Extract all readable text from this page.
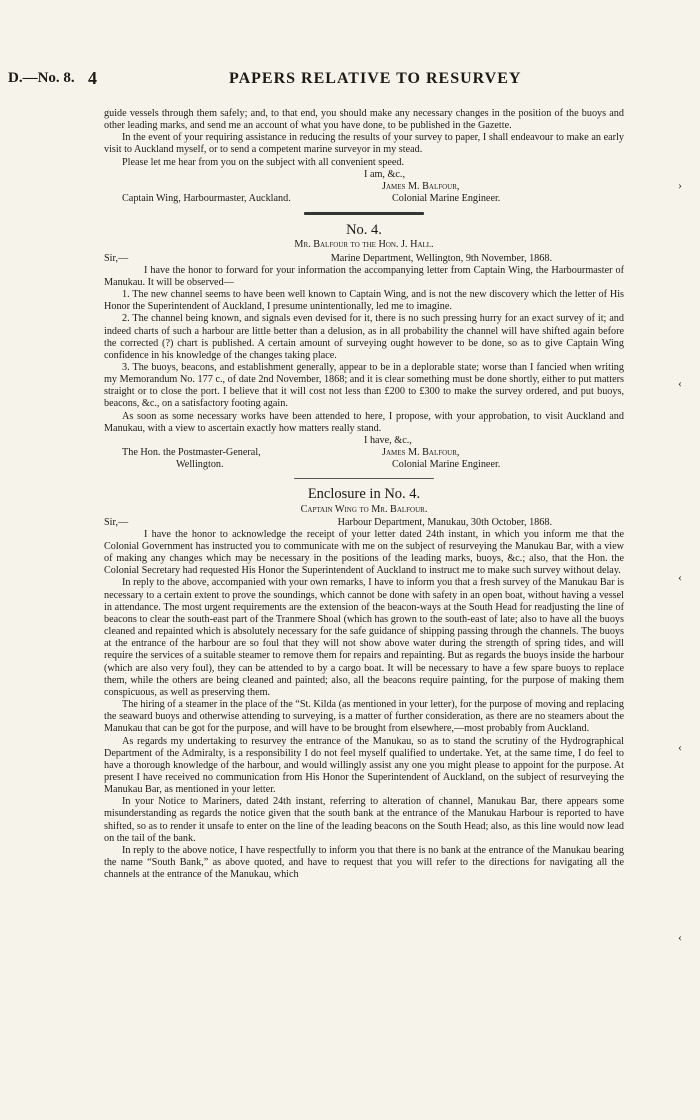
D.—No. 8. 4	PAPERS RELATIVE TO RESURVEY
›
‹
‹
‹
‹

guide vessels through them safely; and, to that end, you should make any necessary changes in the position of the buoys and other leading marks, and send me an account of what you have done, to be published in the Gazette.

In the event of your requiring assistance in reducing the results of your survey to paper, I shall endeavour to make an early visit to Auckland myself, or to send a competent marine surveyor in my stead.

Please let me hear from you on the subject with all convenient speed.

	I am, &c.,
	James M. Balfour,
Captain Wing, Harbourmaster, Auckland.	Colonial Marine Engineer.
No. 4.
Mr. Balfour to the Hon. J. Hall.
Sir,—	Marine Department, Wellington, 9th November, 1868.

I have the honor to forward for your information the accompanying letter from Captain Wing, the Harbourmaster of Manukau. It will be observed—

1. The new channel seems to have been well known to Captain Wing, and is not the new discovery which the letter of His Honor the Superintendent of Auckland, I presume unintentionally, led me to imagine.

2. The channel being known, and signals even devised for it, there is no such pressing hurry for an exact survey of it; and indeed charts of such a harbour are little better than a delusion, as in all probability the channel will have shifted again before the corrected (?) chart is published. A certain amount of surveying ought however to be done, so as to give Captain Wing confidence in his knowledge of the changes taking place.

3. The buoys, beacons, and establishment generally, appear to be in a deplorable state; worse than I fancied when writing my Memorandum No. 177 c., of date 2nd November, 1868; and it is clear something must be done shortly, either to put matters straight or to close the port. I believe that it will cost not less than £200 to £300 to make the survey ordered, and put buoys, beacons, &c., on a satisfactory footing again.

As soon as some necessary works have been attended to here, I propose, with your approbation, to visit Auckland and Manukau, with a view to ascertain exactly how matters really stand.

	I have, &c.,
The Hon. the Postmaster-General,	James M. Balfour,
Wellington.	Colonial Marine Engineer.
Enclosure in No. 4.
Captain Wing to Mr. Balfour.
Sir,—	Harbour Department, Manukau, 30th October, 1868.

I have the honor to acknowledge the receipt of your letter dated 24th instant, in which you inform me that the Colonial Government has instructed you to communicate with me on the subject of resurveying the Manukau Bar, with a view of making any changes which may be necessary in the positions of the leading marks, buoys, &c.; also, that the Hon. the Colonial Secretary had requested His Honor the Superintendent of Auckland to instruct me to make such survey without delay.

In reply to the above, accompanied with your own remarks, I have to inform you that a fresh survey of the Manukau Bar is necessary to a certain extent to prove the soundings, which cannot be done with safety in an open boat, without having a vessel in attendance. The most urgent requirements are the extension of the beacon-ways at the South Head for readjusting the line of beacons to clear the south-east part of the Tranmere Shoal (which has grown to the south-east of late; also to have all the buoys cleaned and repainted which is absolutely necessary for the safe guidance of shipping passing through the channels. The buoys at the entrance of the harbour are so foul that they will not show above water during the strength of spring tides, and will require the services of a suitable steamer to remove them for repairs and repainting. But as regards the buoys inside the harbour (which are also very foul), they can be attended to by a cargo boat. It will be necessary to have a few spare buoys to replace them, while the others are being cleaned and painted; also, all the beacons require painting, for the purpose of making them conspicuous, as well as preserving them.

The hiring of a steamer in the place of the “St. Kilda (as mentioned in your letter), for the purpose of moving and replacing the seaward buoys and otherwise attending to surveying, is a matter of further consideration, as there are no steamers about the Manukau that can be got for the purpose, and will have to be brought from elsewhere,—most probably from Auckland.

As regards my undertaking to resurvey the entrance of the Manukau, so as to stand the scrutiny of the Hydrographical Department of the Admiralty, is a responsibility I do not feel myself qualified to undertake. Yet, at the same time, I do feel to have a thorough knowledge of the harbour, and would willingly assist any one you might please to appoint for the purpose. At present I have received no communication from His Honor the Superintendent of Auckland, on the subject of resurveying the Manukau Bar, as mentioned in your letter.

In your Notice to Mariners, dated 24th instant, referring to alteration of channel, Manukau Bar, there appears some misunderstanding as regards the notice given that the south bank at the entrance of the Manukau Harbour is reported to have shifted, so as to render it unsafe to enter on the line of the leading beacons on the South Head; also, as this line would now lead on the tail of the bank.

In reply to the above notice, I have respectfully to inform you that there is no bank at the entrance of the Manukau bearing the name “South Bank,” as above quoted, and have to request that you will refer to the directions for navigating all the channels at the entrance of the Manukau, which
